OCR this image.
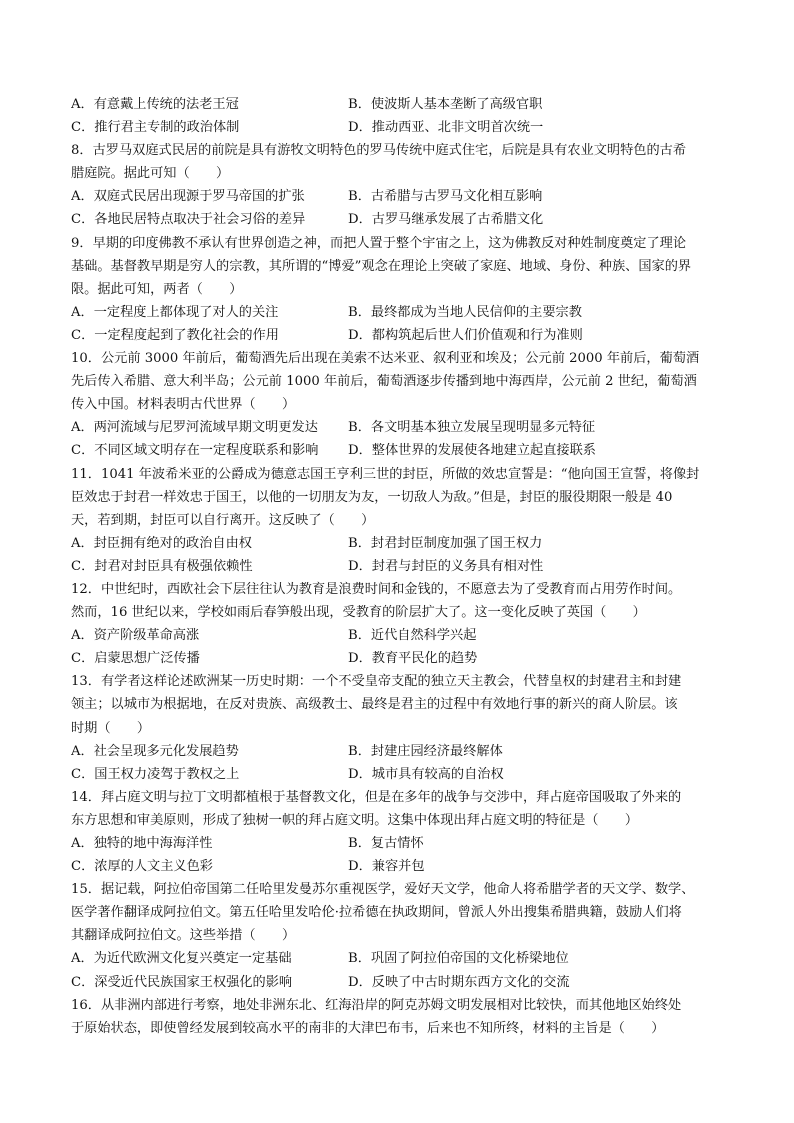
A．有意戴上传统的法老王冠	B．使波斯人基本垄断了高级官职
C．推行君主专制的政治体制	D．推动西亚、北非文明首次统一
8．古罗马双庭式民居的前院是具有游牧文明特色的罗马传统中庭式住宅，后院是具有农业文明特色的古希
腊庭院。据此可知（　　）
A．双庭式民居出现源于罗马帝国的扩张	B．古希腊与古罗马文化相互影响
C．各地民居特点取决于社会习俗的差异	D．古罗马继承发展了古希腊文化
9．早期的印度佛教不承认有世界创造之神，而把人置于整个宇宙之上，这为佛教反对种姓制度奠定了理论
基础。基督教早期是穷人的宗教，其所谓的“博爱”观念在理论上突破了家庭、地域、身份、种族、国家的界
限。据此可知，两者（　　）
A．一定程度上都体现了对人的关注	B．最终都成为当地人民信仰的主要宗教
C．一定程度起到了教化社会的作用	D．都构筑起后世人们价值观和行为准则
10．公元前 3000 年前后，葡萄酒先后出现在美索不达米亚、叙利亚和埃及；公元前 2000 年前后，葡萄酒
先后传入希腊、意大利半岛；公元前 1000 年前后，葡萄酒逐步传播到地中海西岸，公元前 2 世纪，葡萄酒
传入中国。材料表明古代世界（　　）
A．两河流域与尼罗河流域早期文明更发达	B．各文明基本独立发展呈现明显多元特征
C．不同区域文明存在一定程度联系和影响	D．整体世界的发展使各地建立起直接联系
11．1041 年波希米亚的公爵成为德意志国王亨利三世的封臣，所做的效忠宣誓是：“他向国王宣誓，将像封
臣效忠于封君一样效忠于国王，以他的一切朋友为友，一切敌人为敌。”但是，封臣的服役期限一般是 40
天，若到期，封臣可以自行离开。这反映了（　　）
A．封臣拥有绝对的政治自由权	B．封君封臣制度加强了国王权力
C．封君对封臣具有极强依赖性	D．封君与封臣的义务具有相对性
12．中世纪时，西欧社会下层往往认为教育是浪费时间和金钱的，不愿意去为了受教育而占用劳作时间。
然而，16 世纪以来，学校如雨后春笋般出现，受教育的阶层扩大了。这一变化反映了英国（　　）
A．资产阶级革命高涨	B．近代自然科学兴起
C．启蒙思想广泛传播	D．教育平民化的趋势
13．有学者这样论述欧洲某一历史时期：一个不受皇帝支配的独立天主教会，代替皇权的封建君主和封建
领主；以城市为根据地，在反对贵族、高级教士、最终是君主的过程中有效地行事的新兴的商人阶层。该
时期（　　）
A．社会呈现多元化发展趋势	B．封建庄园经济最终解体
C．国王权力凌驾于教权之上	D．城市具有较高的自治权
14．拜占庭文明与拉丁文明都植根于基督教文化，但是在多年的战争与交涉中，拜占庭帝国吸取了外来的
东方思想和审美原则，形成了独树一帜的拜占庭文明。这集中体现出拜占庭文明的特征是（　　）
A．独特的地中海海洋性	B．复古情怀
C．浓厚的人文主义色彩	D．兼容并包
15．据记载，阿拉伯帝国第二任哈里发曼苏尔重视医学，爱好天文学，他命人将希腊学者的天文学、数学、
医学著作翻译成阿拉伯文。第五任哈里发哈伦·拉希德在执政期间，曾派人外出搜集希腊典籍，鼓励人们将
其翻译成阿拉伯文。这些举措（　　）
A．为近代欧洲文化复兴奠定一定基础	B．巩固了阿拉伯帝国的文化桥梁地位
C．深受近代民族国家王权强化的影响	D．反映了中古时期东西方文化的交流
16．从非洲内部进行考察，地处非洲东北、红海沿岸的阿克苏姆文明发展相对比较快，而其他地区始终处
于原始状态，即使曾经发展到较高水平的南非的大津巴布韦，后来也不知所终，材料的主旨是（　　）
